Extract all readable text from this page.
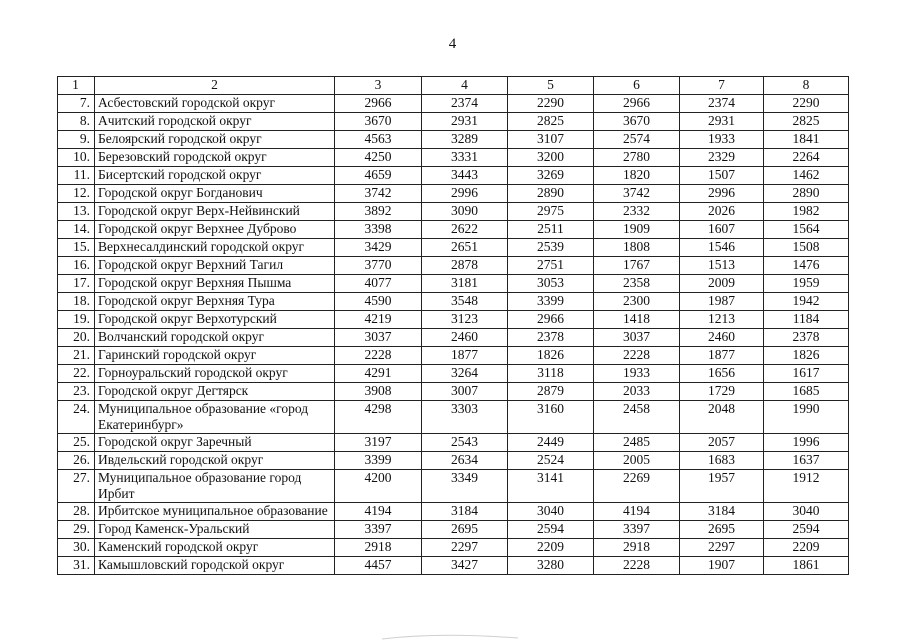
4
1	2	3	4	5	6	7	8
7.	Асбестовский городской округ	2966	2374	2290	2966	2374	2290
8.	Ачитский городской округ	3670	2931	2825	3670	2931	2825
9.	Белоярский городской округ	4563	3289	3107	2574	1933	1841
10.	Березовский городской округ	4250	3331	3200	2780	2329	2264
11.	Бисертский городской округ	4659	3443	3269	1820	1507	1462
12.	Городской округ Богданович	3742	2996	2890	3742	2996	2890
13.	Городской округ Верх-Нейвинский	3892	3090	2975	2332	2026	1982
14.	Городской округ Верхнее Дуброво	3398	2622	2511	1909	1607	1564
15.	Верхнесалдинский городской округ	3429	2651	2539	1808	1546	1508
16.	Городской округ Верхний Тагил	3770	2878	2751	1767	1513	1476
17.	Городской округ Верхняя Пышма	4077	3181	3053	2358	2009	1959
18.	Городской округ Верхняя Тура	4590	3548	3399	2300	1987	1942
19.	Городской округ Верхотурский	4219	3123	2966	1418	1213	1184
20.	Волчанский городской округ	3037	2460	2378	3037	2460	2378
21.	Гаринский городской округ	2228	1877	1826	2228	1877	1826
22.	Горноуральский городской округ	4291	3264	3118	1933	1656	1617
23.	Городской округ Дегтярск	3908	3007	2879	2033	1729	1685
24.	Муниципальное образование «город Екатеринбург»	4298	3303	3160	2458	2048	1990
25.	Городской округ Заречный	3197	2543	2449	2485	2057	1996
26.	Ивдельский городской округ	3399	2634	2524	2005	1683	1637
27.	Муниципальное образование город Ирбит	4200	3349	3141	2269	1957	1912
28.	Ирбитское муниципальное образование	4194	3184	3040	4194	3184	3040
29.	Город Каменск-Уральский	3397	2695	2594	3397	2695	2594
30.	Каменский городской округ	2918	2297	2209	2918	2297	2209
31.	Камышловский городской округ	4457	3427	3280	2228	1907	1861
